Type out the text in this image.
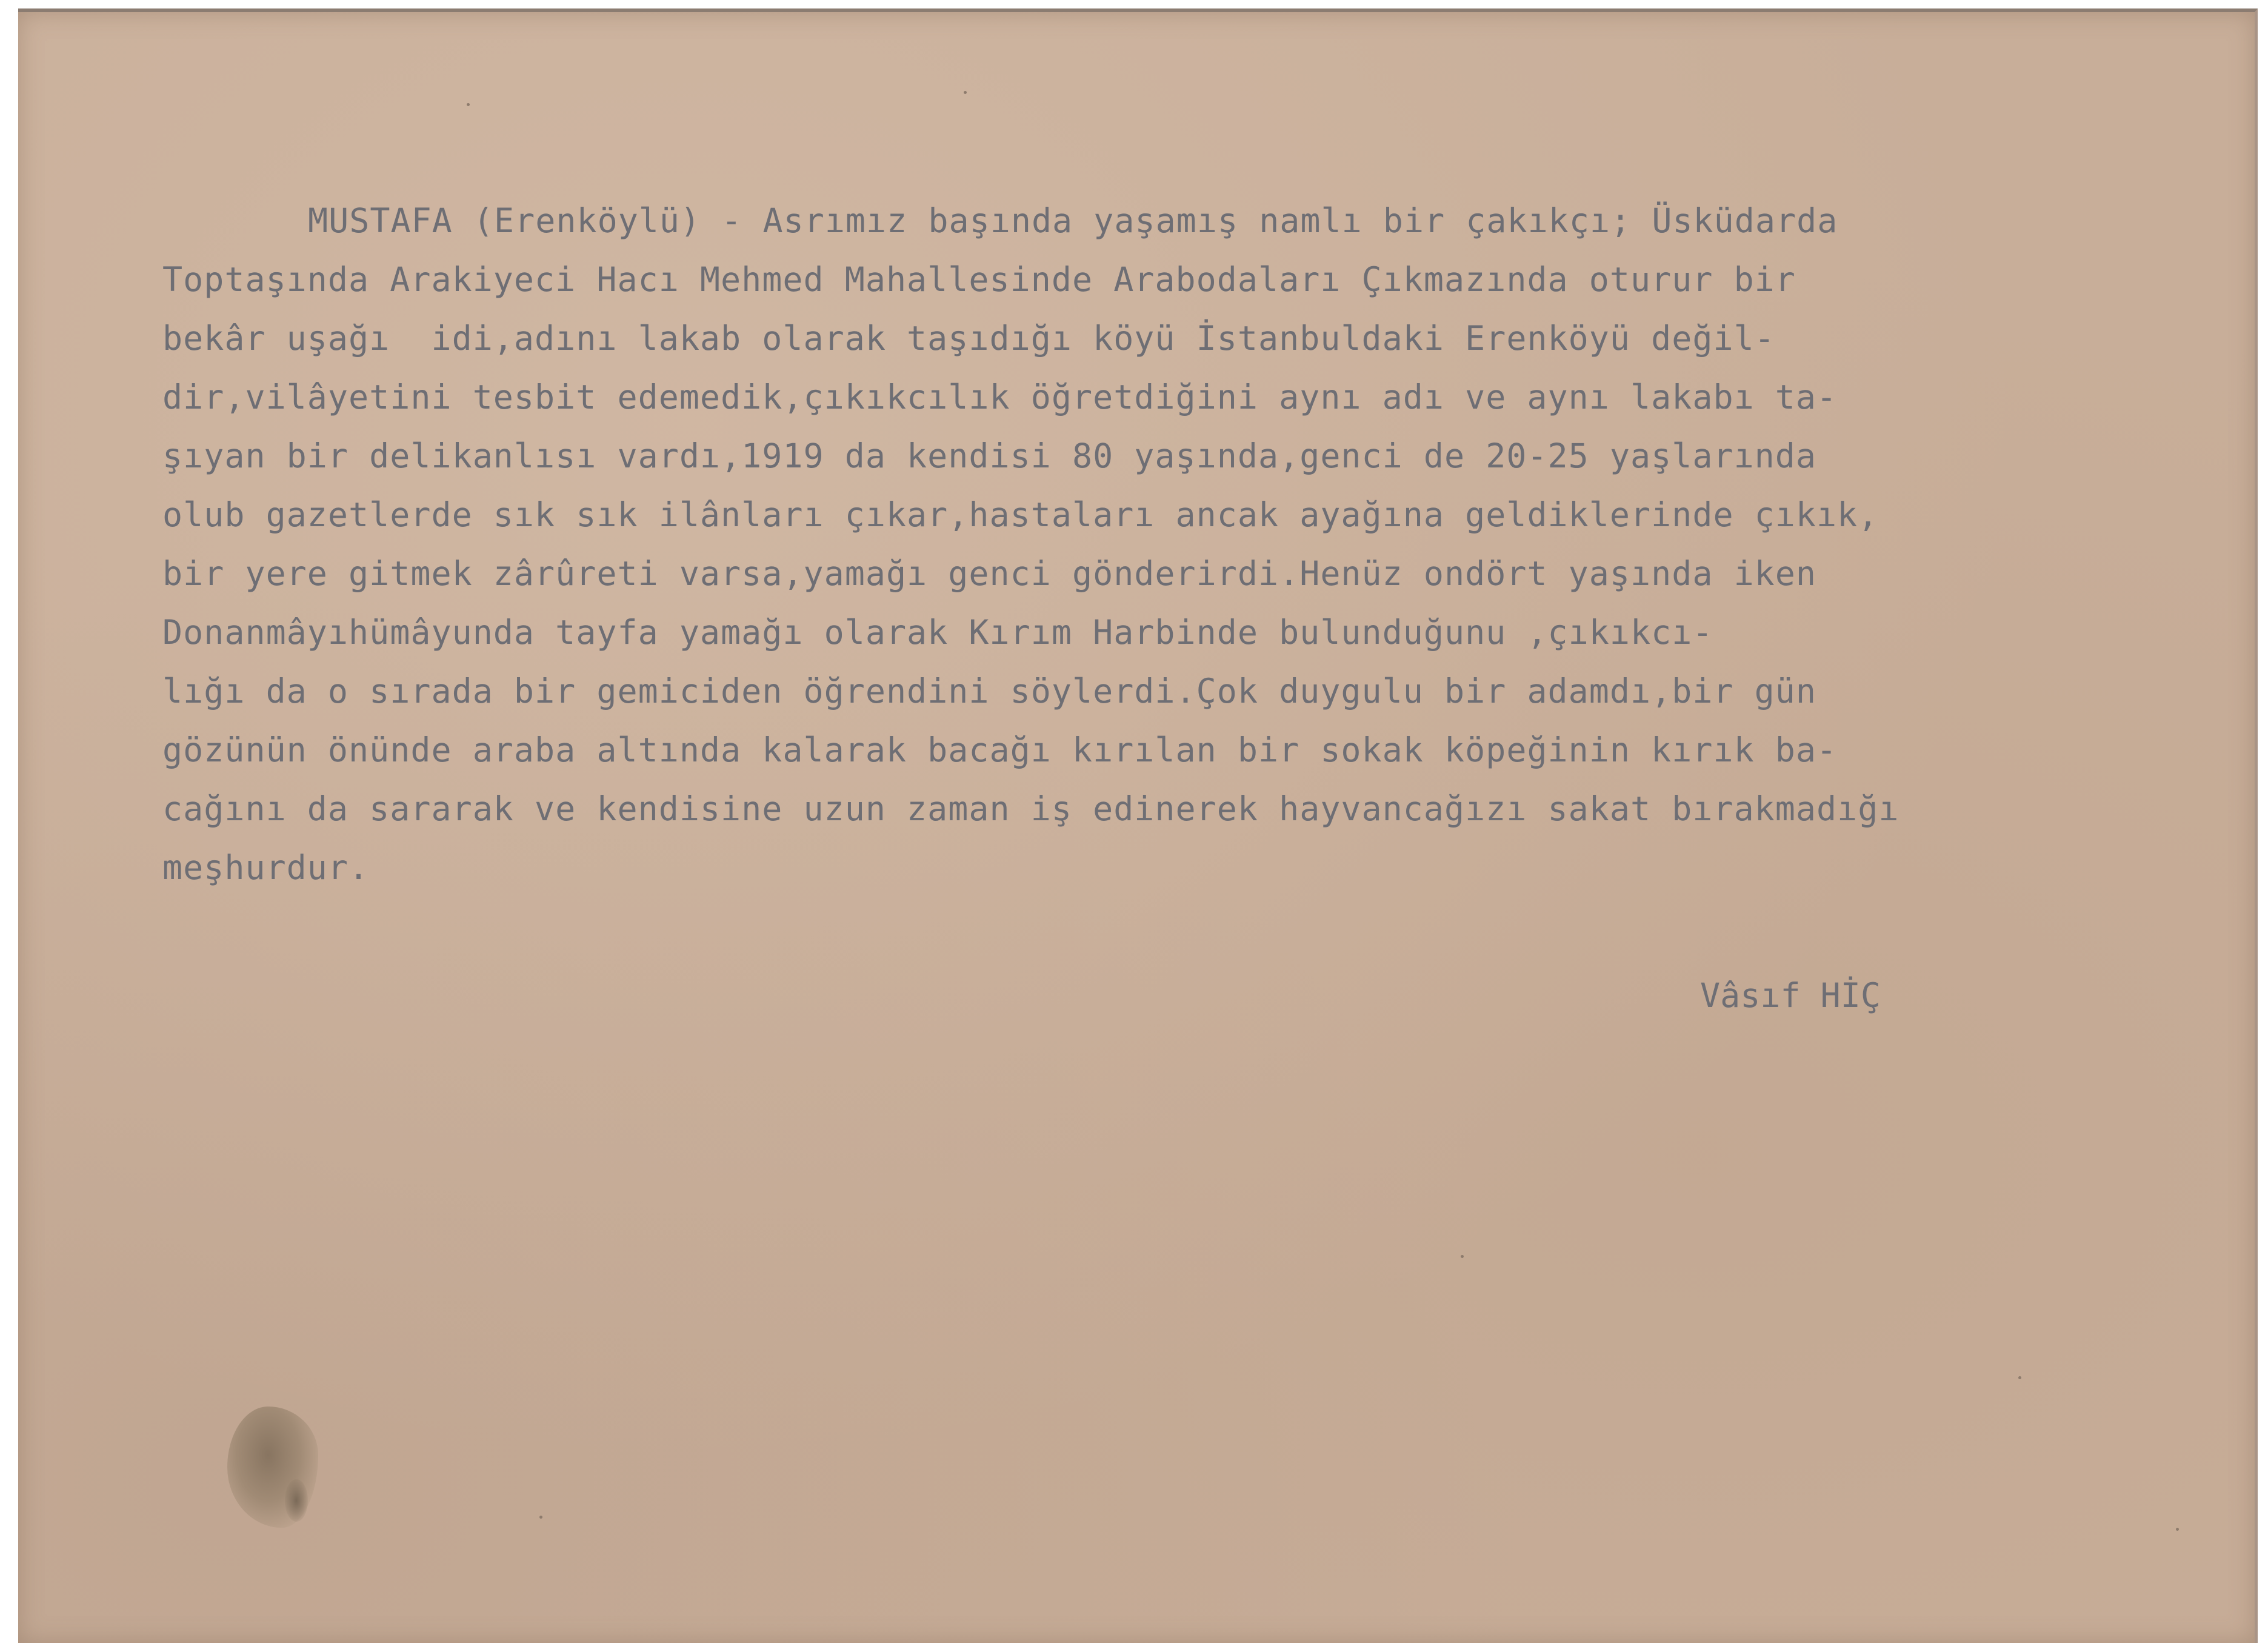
MUSTAFA (Erenköylü) - Asrımız başında yaşamış namlı bir çakıkçı; Üsküdarda
Toptaşında Arakiyeci Hacı Mehmed Mahallesinde Arabodaları Çıkmazında oturur bir
bekâr uşağı  idi,adını lakab olarak taşıdığı köyü İstanbuldaki Erenköyü değil-
dir,vilâyetini tesbit edemedik,çıkıkcılık öğretdiğini aynı adı ve aynı lakabı ta-
şıyan bir delikanlısı vardı,1919 da kendisi 80 yaşında,genci de 20-25 yaşlarında
olub gazetlerde sık sık ilânları çıkar,hastaları ancak ayağına geldiklerinde çıkık,
bir yere gitmek zârûreti varsa,yamağı genci gönderirdi.Henüz ondört yaşında iken
Donanmâyıhümâyunda tayfa yamağı olarak Kırım Harbinde bulunduğunu ,çıkıkcı-
lığı da o sırada bir gemiciden öğrendini söylerdi.Çok duygulu bir adamdı,bir gün
gözünün önünde araba altında kalarak bacağı kırılan bir sokak köpeğinin kırık ba-
cağını da sararak ve kendisine uzun zaman iş edinerek hayvancağızı sakat bırakmadığı
meşhurdur.
Vâsıf HİÇ
